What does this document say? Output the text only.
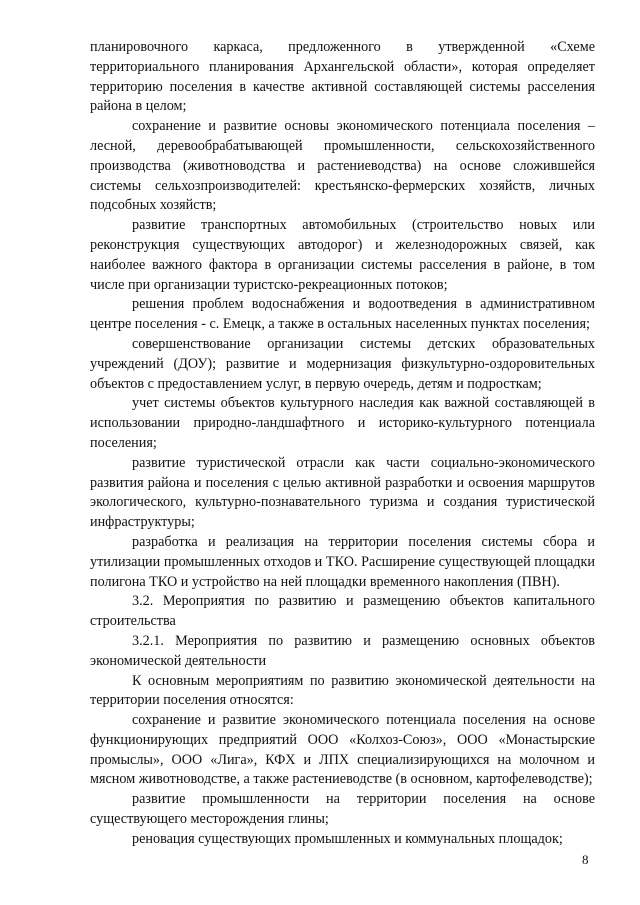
планировочного каркаса, предложенного в утвержденной «Схеме территориального планирования Архангельской области», которая определяет территорию поселения в качестве активной составляющей системы расселения района в целом;

сохранение и развитие основы экономического потенциала поселения – лесной, деревообрабатывающей промышленности, сельскохозяйственного производства (животноводства и растениеводства) на основе сложившейся системы сельхозпроизводителей: крестьянско-фермерских хозяйств, личных подсобных хозяйств;

развитие транспортных автомобильных (строительство новых или реконструкция существующих автодорог) и железнодорожных связей, как наиболее важного фактора в организации системы расселения в районе, в том числе при организации туристско-рекреационных потоков;

решения проблем водоснабжения и водоотведения в административном центре поселения - с. Емецк, а также в остальных населенных пунктах поселения;

совершенствование организации системы детских образовательных учреждений (ДОУ); развитие и модернизация физкультурно-оздоровительных объектов с предоставлением услуг, в первую очередь, детям и подросткам;

учет системы объектов культурного наследия как важной составляющей в использовании природно-ландшафтного и историко-культурного потенциала поселения;

развитие туристической отрасли как части социально-экономического развития района и поселения с целью активной разработки и освоения маршрутов экологического, культурно-познавательного туризма и создания туристической инфраструктуры;

разработка и реализация на территории поселения системы сбора и утилизации промышленных отходов и ТКО. Расширение существующей площадки полигона ТКО и устройство на ней площадки временного накопления (ПВН).

3.2. Мероприятия по развитию и размещению объектов капитального строительства

3.2.1. Мероприятия по развитию и размещению основных объектов экономической деятельности

К основным мероприятиям по развитию экономической деятельности на территории поселения относятся:

сохранение и развитие экономического потенциала поселения на основе функционирующих предприятий ООО «Колхоз-Союз», ООО «Монастырские промыслы», ООО «Лига», КФХ и ЛПХ специализирующихся на молочном и мясном животноводстве, а также растениеводстве (в основном, картофелеводстве);

развитие промышленности на территории поселения на основе существующего месторождения глины;

реновация существующих промышленных и коммунальных площадок;

8
